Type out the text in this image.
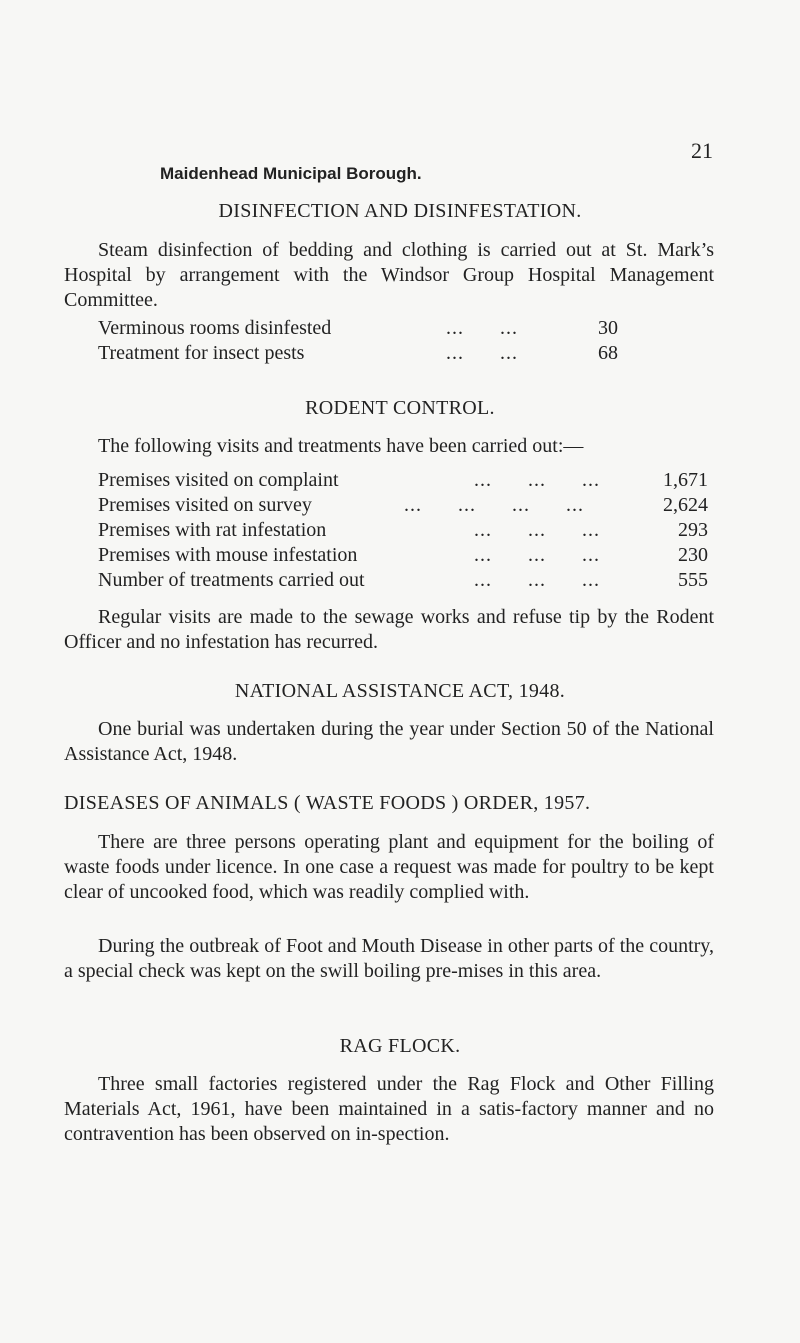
21
Maidenhead Municipal Borough.
DISINFECTION AND DISINFESTATION.
Steam disinfection of bedding and clothing is carried out at St. Mark’s Hospital by arrangement with the Windsor Group Hospital Management Committee.
Verminous rooms disinfested	...      ...	30
Treatment for insect pests	...      ...	68
RODENT CONTROL.
The following visits and treatments have been carried out:—
Premises visited on complaint	...      ...      ...	1,671
Premises visited on survey	...      ...      ...      ...	2,624
Premises with rat infestation	...      ...      ...	293
Premises with mouse infestation	...      ...      ...	230
Number of treatments carried out	...      ...      ...	555
Regular visits are made to the sewage works and refuse tip by the Rodent Officer and no infestation has recurred.
NATIONAL ASSISTANCE ACT, 1948.
One burial was undertaken during the year under Section 50 of the National Assistance Act, 1948.
DISEASES OF ANIMALS ( WASTE FOODS ) ORDER, 1957.
There are three persons operating plant and equipment for the boiling of waste foods under licence. In one case a request was made for poultry to be kept clear of uncooked food, which was readily complied with.
During the outbreak of Foot and Mouth Disease in other parts of the country, a special check was kept on the swill boiling pre-mises in this area.
RAG FLOCK.
Three small factories registered under the Rag Flock and Other Filling Materials Act, 1961, have been maintained in a satis-factory manner and no contravention has been observed on in-spection.
